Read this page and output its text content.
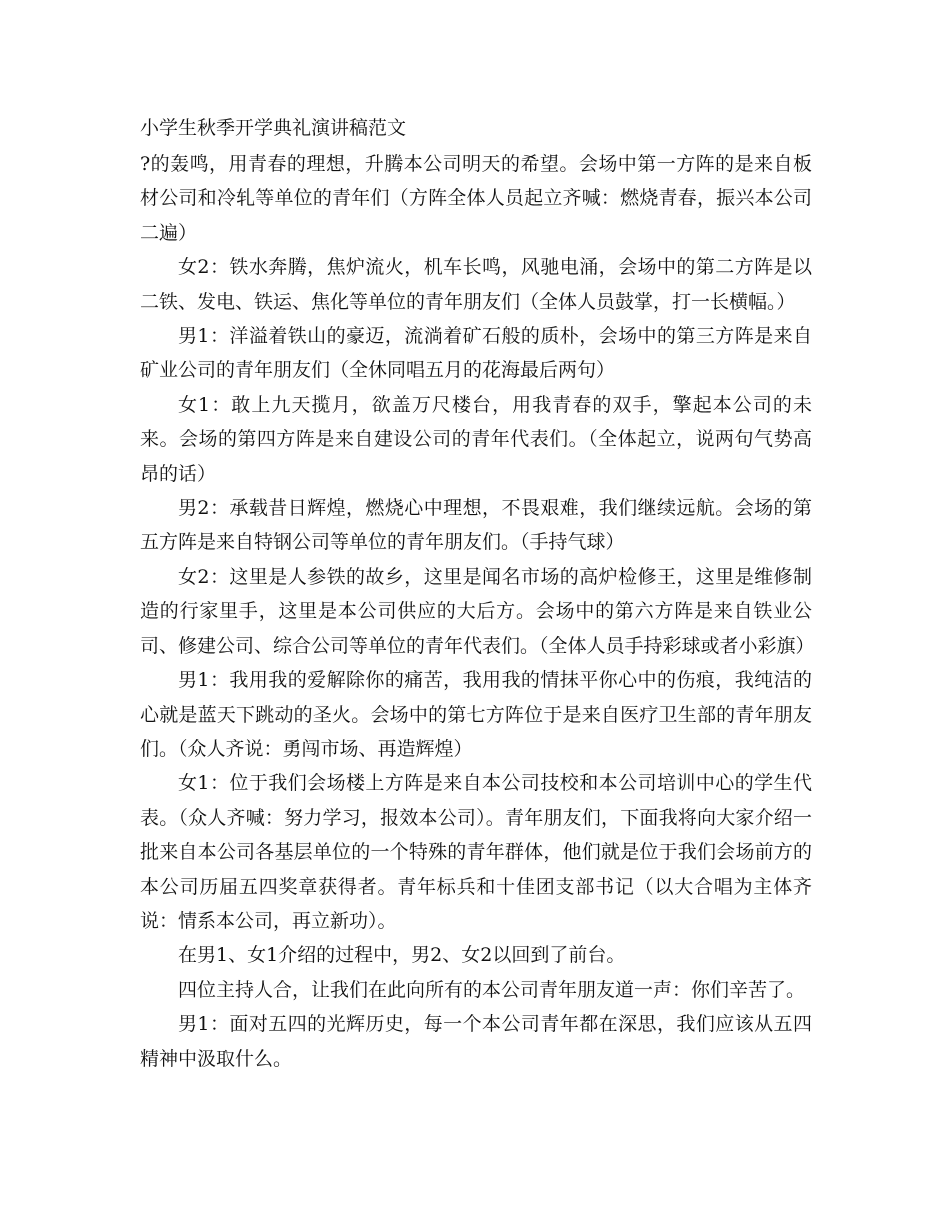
小学生秋季开学典礼演讲稿范文

?的轰鸣，用青春的理想，升腾本公司明天的希望。会场中第一方阵的是来自板材公司和冷轧等单位的青年们（方阵全体人员起立齐喊：燃烧青春，振兴本公司二遍）

女2：铁水奔腾，焦炉流火，机车长鸣，风驰电涌，会场中的第二方阵是以二铁、发电、铁运、焦化等单位的青年朋友们（全体人员鼓掌，打一长横幅。）

男1：洋溢着铁山的豪迈，流淌着矿石般的质朴，会场中的第三方阵是来自矿业公司的青年朋友们（全休同唱五月的花海最后两句）

女1：敢上九天揽月，欲盖万尺楼台，用我青春的双手，擎起本公司的未来。会场的第四方阵是来自建设公司的青年代表们。（全体起立，说两句气势高昂的话）

男2：承载昔日辉煌，燃烧心中理想，不畏艰难，我们继续远航。会场的第五方阵是来自特钢公司等单位的青年朋友们。（手持气球）

女2：这里是人参铁的故乡，这里是闻名市场的高炉检修王，这里是维修制造的行家里手，这里是本公司供应的大后方。会场中的第六方阵是来自铁业公司、修建公司、综合公司等单位的青年代表们。（全体人员手持彩球或者小彩旗）

男1：我用我的爱解除你的痛苦，我用我的情抹平你心中的伤痕，我纯洁的心就是蓝天下跳动的圣火。会场中的第七方阵位于是来自医疗卫生部的青年朋友们。（众人齐说：勇闯市场、再造辉煌）

女1：位于我们会场楼上方阵是来自本公司技校和本公司培训中心的学生代表。（众人齐喊：努力学习，报效本公司）。青年朋友们，下面我将向大家介绍一批来自本公司各基层单位的一个特殊的青年群体，他们就是位于我们会场前方的本公司历届五四奖章获得者。青年标兵和十佳团支部书记（以大合唱为主体齐说：情系本公司，再立新功）。

在男1、女1介绍的过程中，男2、女2以回到了前台。

四位主持人合，让我们在此向所有的本公司青年朋友道一声：你们辛苦了。

男1：面对五四的光辉历史，每一个本公司青年都在深思，我们应该从五四精神中汲取什么。
